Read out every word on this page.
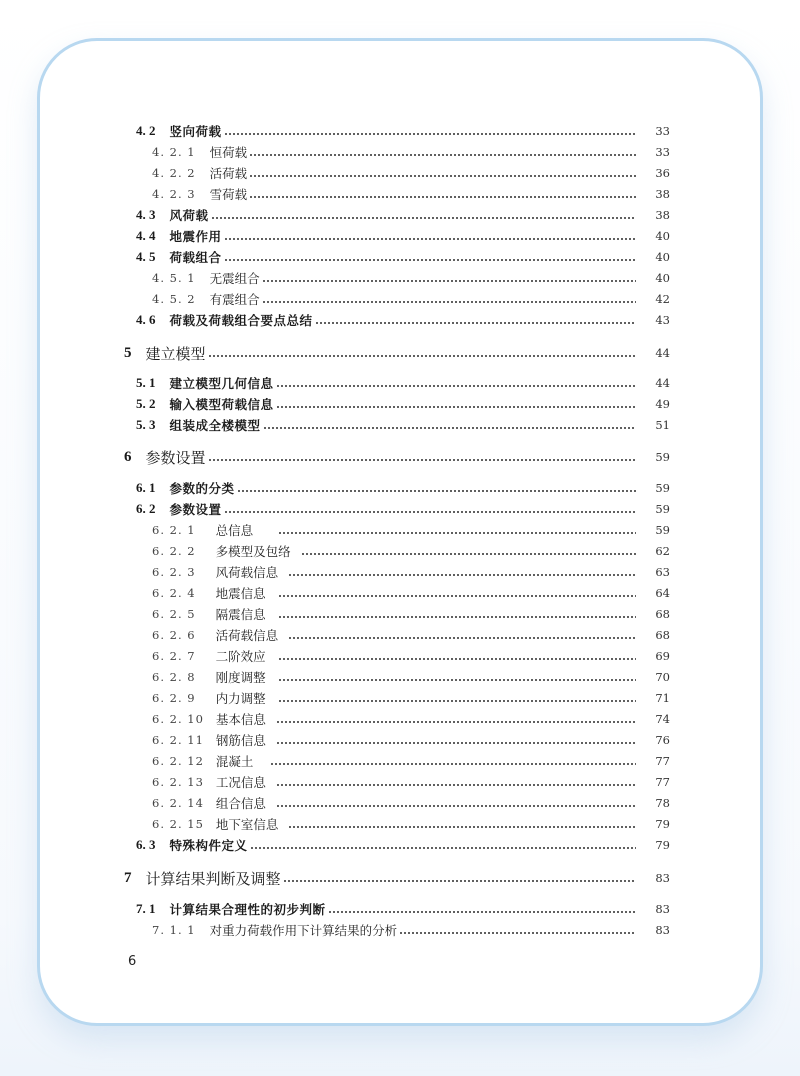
4. 2 竖向荷载	33
4. 2. 1 恒荷载	33
4. 2. 2 活荷载	36
4. 2. 3 雪荷载	38
4. 3 风荷载	38
4. 4 地震作用	40
4. 5 荷载组合	40
4. 5. 1 无震组合	40
4. 5. 2 有震组合	42
4. 6 荷载及荷载组合要点总结	43
5 建立模型	44
5. 1 建立模型几何信息	44
5. 2 输入模型荷载信息	49
5. 3 组装成全楼模型	51
6 参数设置	59
6. 1 参数的分类	59
6. 2 参数设置	59
6. 2. 1 总信息	59
6. 2. 2 多模型及包络	62
6. 2. 3 风荷载信息	63
6. 2. 4 地震信息	64
6. 2. 5 隔震信息	68
6. 2. 6 活荷载信息	68
6. 2. 7 二阶效应	69
6. 2. 8 刚度调整	70
6. 2. 9 内力调整	71
6. 2. 10 基本信息	74
6. 2. 11 钢筋信息	76
6. 2. 12 混凝土	77
6. 2. 13 工况信息	77
6. 2. 14 组合信息	78
6. 2. 15 地下室信息	79
6. 3 特殊构件定义	79
7 计算结果判断及调整	83
7. 1 计算结果合理性的初步判断	83
7. 1. 1 对重力荷载作用下计算结果的分析	83
6
